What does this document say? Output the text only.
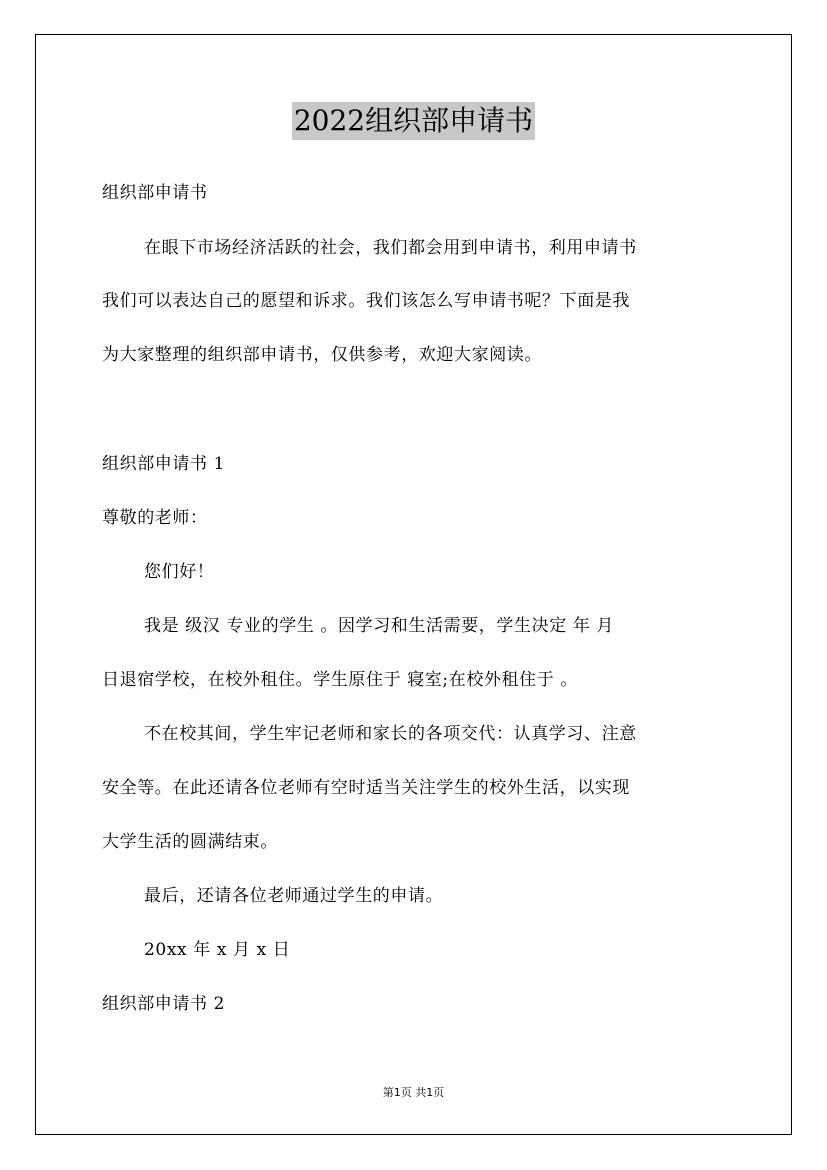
2022组织部申请书
组织部申请书
在眼下市场经济活跃的社会，我们都会用到申请书，利用申请书
我们可以表达自己的愿望和诉求。我们该怎么写申请书呢？下面是我
为大家整理的组织部申请书，仅供参考，欢迎大家阅读。
组织部申请书 1
尊敬的老师：
您们好！
我是 级汉 专业的学生 。因学习和生活需要，学生决定 年 月
日退宿学校，在校外租住。学生原住于 寝室;在校外租住于 。
不在校其间，学生牢记老师和家长的各项交代：认真学习、注意
安全等。在此还请各位老师有空时适当关注学生的校外生活，以实现
大学生活的圆满结束。
最后，还请各位老师通过学生的申请。
20xx 年 x 月 x 日
组织部申请书 2
第1页 共1页
